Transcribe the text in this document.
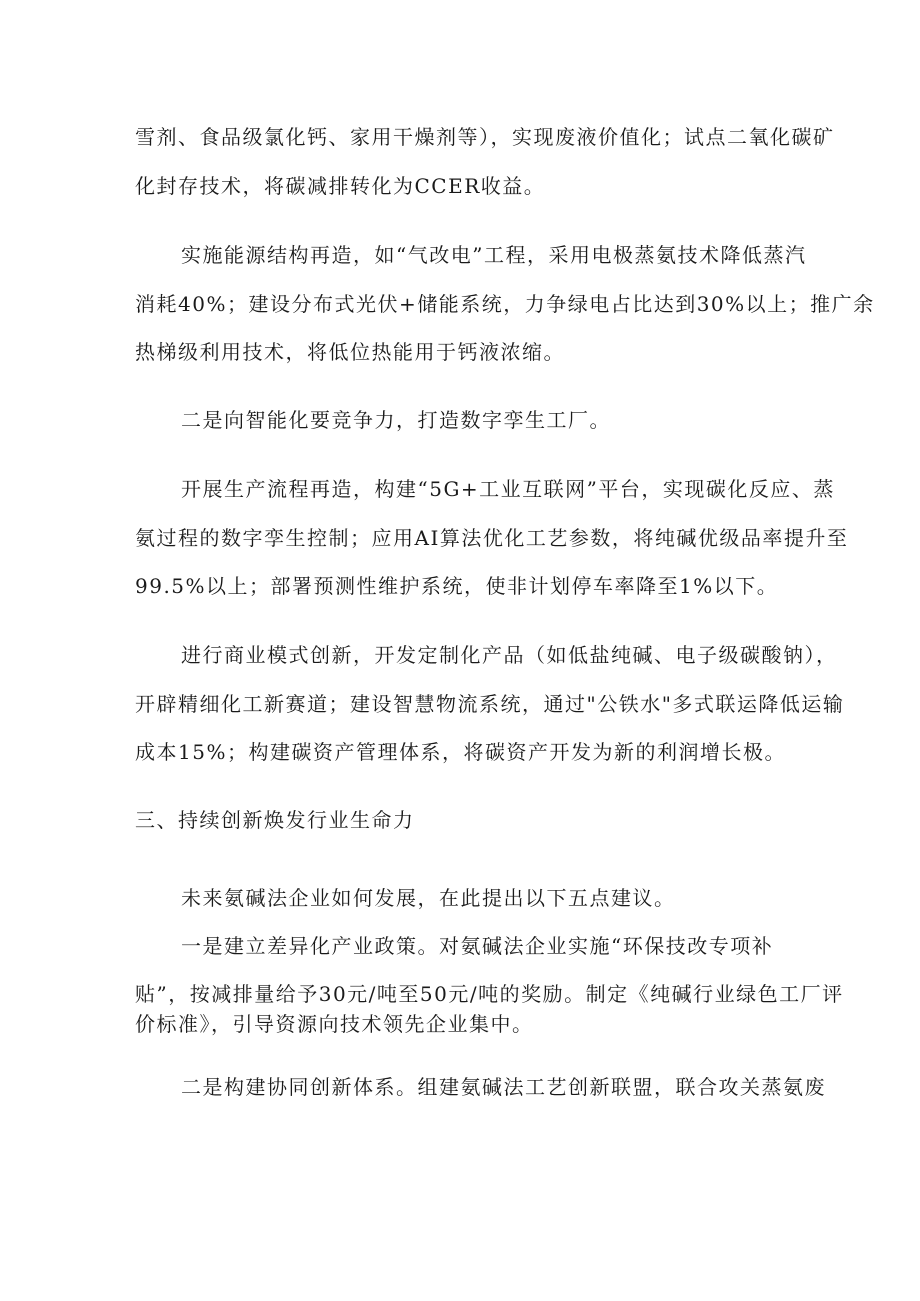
雪剂、食品级氯化钙、家用干燥剂等），实现废液价值化；试点二氧化碳矿
化封存技术，将碳减排转化为CCER收益。
实施能源结构再造，如“气改电”工程，采用电极蒸氨技术降低蒸汽
消耗40%；建设分布式光伏+储能系统，力争绿电占比达到30%以上；推广余
热梯级利用技术，将低位热能用于钙液浓缩。
二是向智能化要竞争力，打造数字孪生工厂。
开展生产流程再造，构建“5G+工业互联网”平台，实现碳化反应、蒸
氨过程的数字孪生控制；应用AI算法优化工艺参数，将纯碱优级品率提升至
99.5%以上；部署预测性维护系统，使非计划停车率降至1%以下。
进行商业模式创新，开发定制化产品（如低盐纯碱、电子级碳酸钠），
开辟精细化工新赛道；建设智慧物流系统，通过"公铁水"多式联运降低运输
成本15%；构建碳资产管理体系，将碳资产开发为新的利润增长极。
三、持续创新焕发行业生命力
未来氨碱法企业如何发展，在此提出以下五点建议。
一是建立差异化产业政策。对氨碱法企业实施“环保技改专项补
贴”，按减排量给予30元/吨至50元/吨的奖励。制定《纯碱行业绿色工厂评
价标准》，引导资源向技术领先企业集中。
二是构建协同创新体系。组建氨碱法工艺创新联盟，联合攻关蒸氨废
